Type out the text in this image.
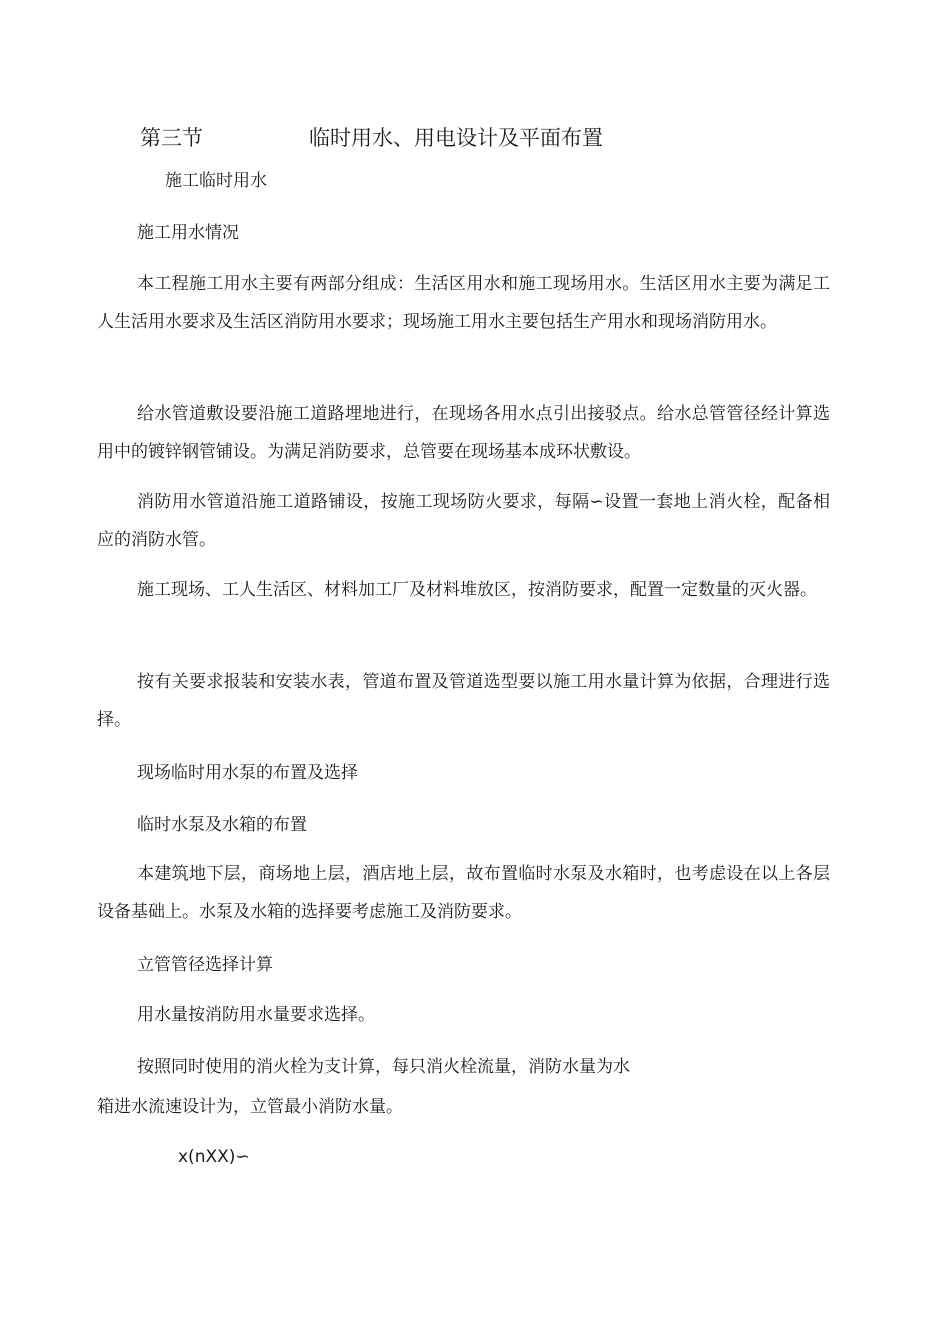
第三节	临时用水、用电设计及平面布置
施工临时用水
施工用水情况
本工程施工用水主要有两部分组成：生活区用水和施工现场用水。生活区用水主要为满足工人生活用水要求及生活区消防用水要求；现场施工用水主要包括生产用水和现场消防用水。
给水管道敷设要沿施工道路埋地进行，在现场各用水点引出接驳点。给水总管管径经计算选用中的镀锌钢管铺设。为满足消防要求，总管要在现场基本成环状敷设。
消防用水管道沿施工道路铺设，按施工现场防火要求，每隔∽设置一套地上消火栓，配备相应的消防水管。
施工现场、工人生活区、材料加工厂及材料堆放区，按消防要求，配置一定数量的灭火器。
按有关要求报装和安装水表，管道布置及管道选型要以施工用水量计算为依据，合理进行选择。
现场临时用水泵的布置及选择
临时水泵及水箱的布置
本建筑地下层，商场地上层，酒店地上层，故布置临时水泵及水箱时，也考虑设在以上各层设备基础上。水泵及水箱的选择要考虑施工及消防要求。
立管管径选择计算
用水量按消防用水量要求选择。
按照同时使用的消火栓为支计算，每只消火栓流量，消防水量为水
箱进水流速设计为，立管最小消防水量。
x(nXX)∽
